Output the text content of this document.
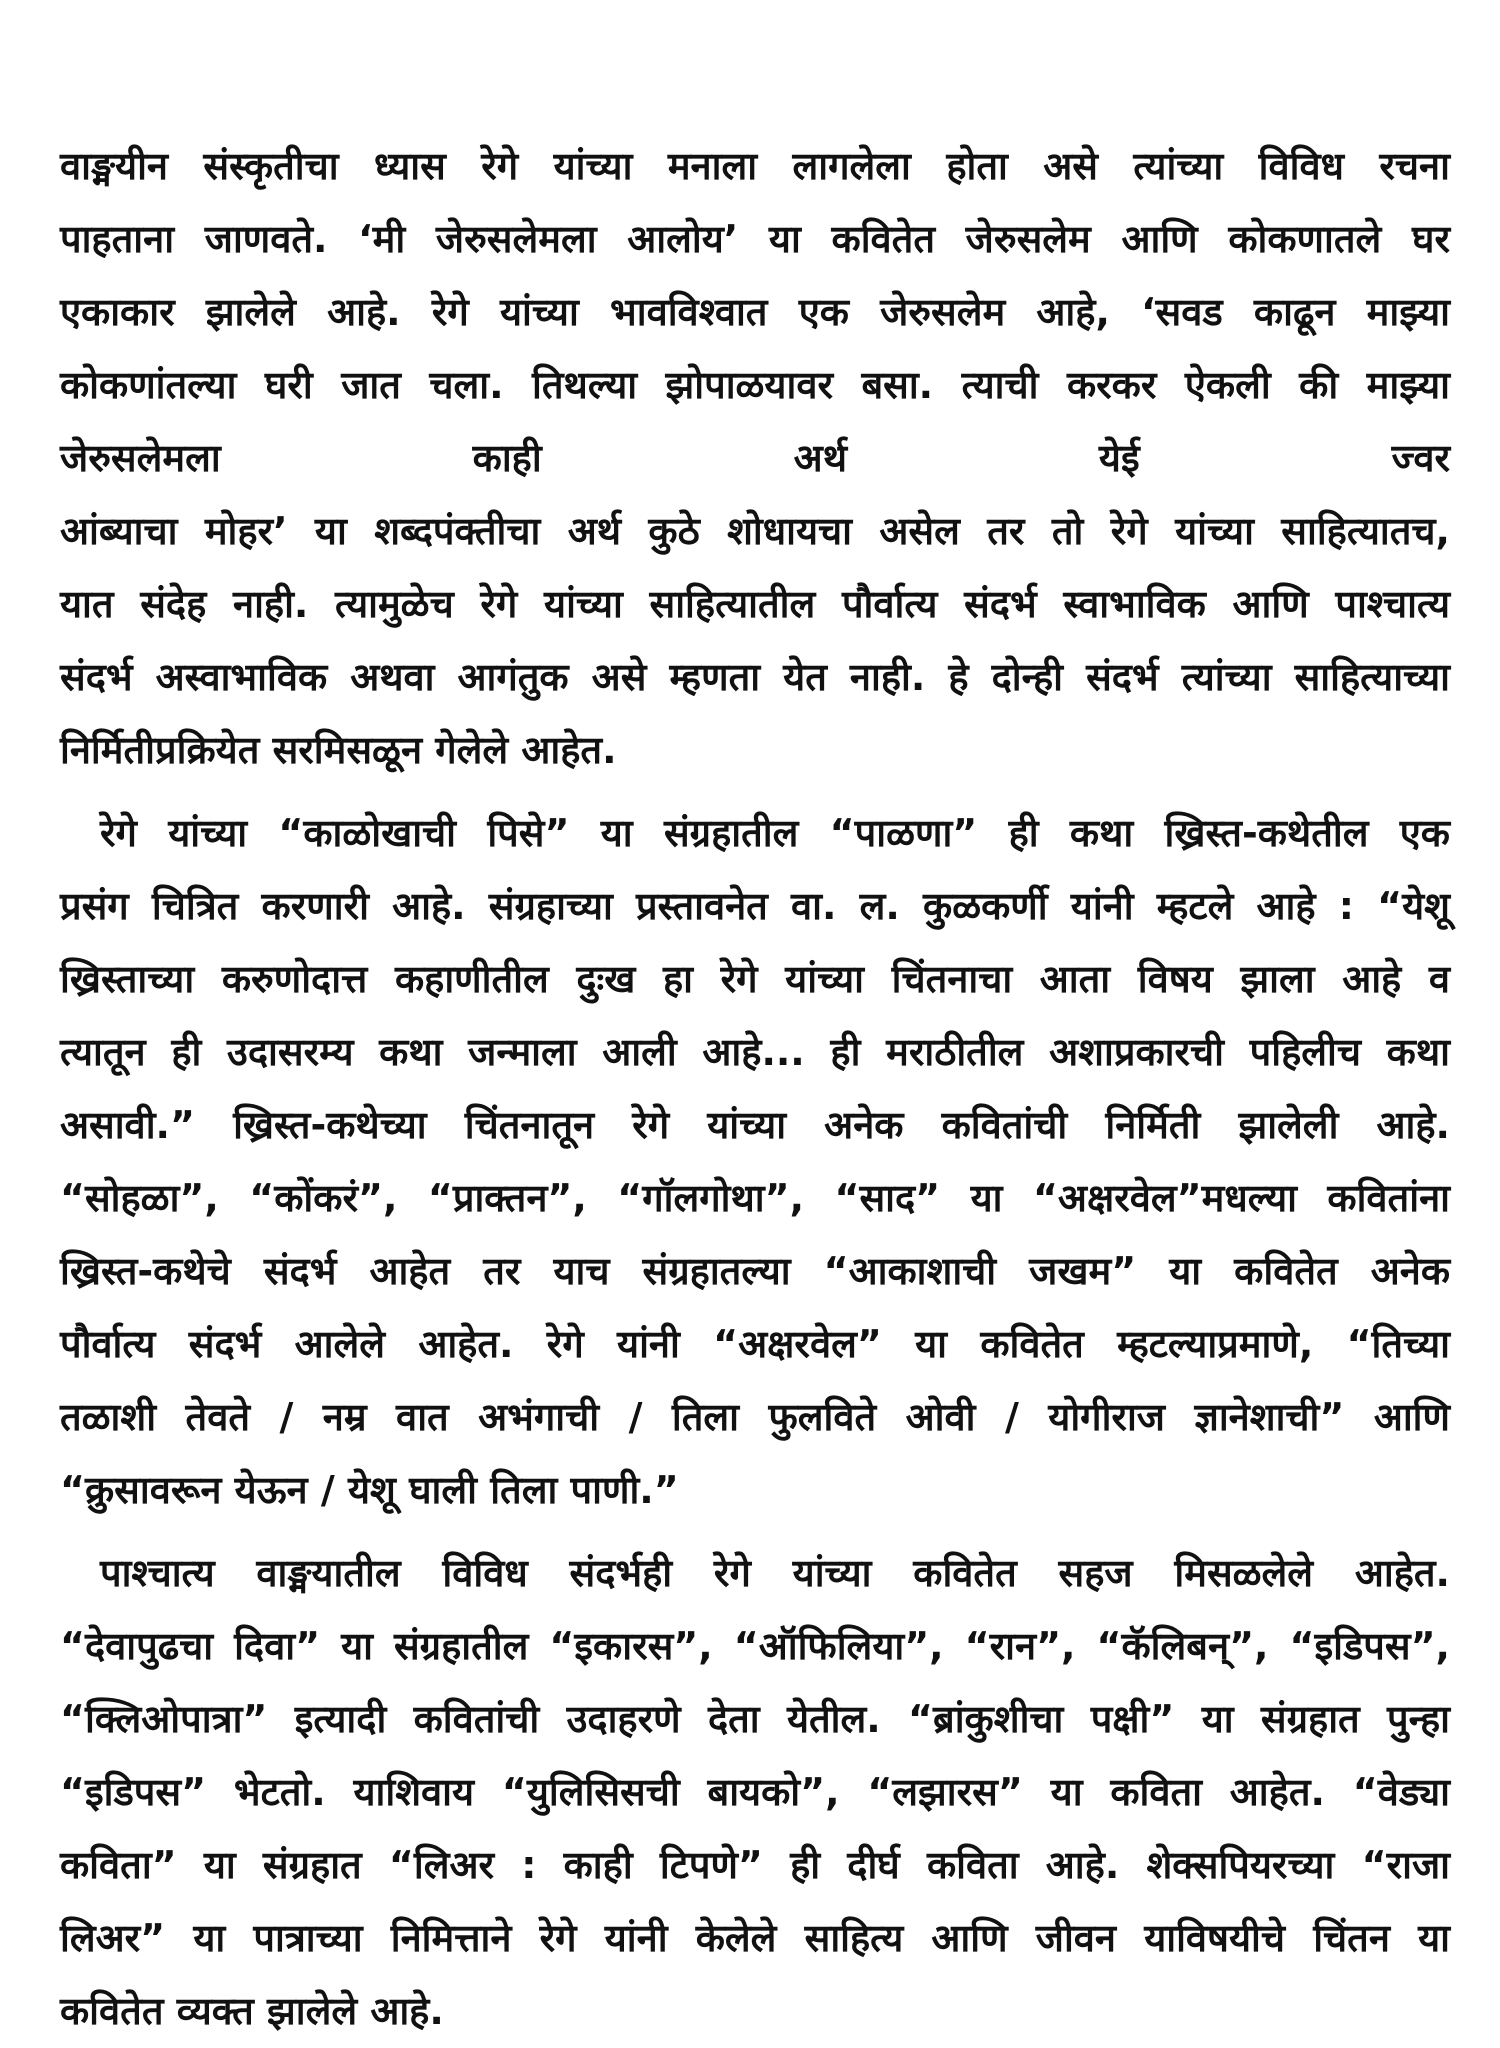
वाङ्मयीन संस्कृतीचा ध्यास रेगे यांच्या मनाला लागलेला होता असे त्यांच्या विविध रचना
पाहताना जाणवते. ‘मी जेरुसलेमला आलोय’ या कवितेत जेरुसलेम आणि कोकणातले घर
एकाकार झालेले आहे. रेगे यांच्या भावविश्वात एक जेरुसलेम आहे, ‘सवड काढून माझ्या
कोकणांतल्या घरी जात चला. तिथल्या झोपाळयावर बसा. त्याची करकर ऐकली की माझ्या
जेरुसलेमला काही अर्थ येई ज्वर
आंब्याचा मोहर’ या शब्दपंक्तीचा अर्थ कुठे शोधायचा असेल तर तो रेगे यांच्या साहित्यातच,
यात संदेह नाही. त्यामुळेच रेगे यांच्या साहित्यातील पौर्वात्य संदर्भ स्वाभाविक आणि पाश्चात्य
संदर्भ अस्वाभाविक अथवा आगंतुक असे म्हणता येत नाही. हे दोन्ही संदर्भ त्यांच्या साहित्याच्या
निर्मितीप्रक्रियेत सरमिसळून गेलेले आहेत.
रेगे यांच्या “काळोखाची पिसे” या संग्रहातील “पाळणा” ही कथा ख्रिस्त-कथेतील एक
प्रसंग चित्रित करणारी आहे. संग्रहाच्या प्रस्तावनेत वा. ल. कुळकर्णी यांनी म्हटले आहे : “येशू
ख्रिस्ताच्या करुणोदात्त कहाणीतील दुःख हा रेगे यांच्या चिंतनाचा आता विषय झाला आहे व
त्यातून ही उदासरम्य कथा जन्माला आली आहे... ही मराठीतील अशाप्रकारची पहिलीच कथा
असावी.” ख्रिस्त-कथेच्या चिंतनातून रेगे यांच्या अनेक कवितांची निर्मिती झालेली आहे.
“सोहळा”, “कोंकरं”, “प्राक्तन”, “गॉलगोथा”, “साद” या “अक्षरवेल”मधल्या कवितांना
ख्रिस्त-कथेचे संदर्भ आहेत तर याच संग्रहातल्या “आकाशाची जखम” या कवितेत अनेक
पौर्वात्य संदर्भ आलेले आहेत. रेगे यांनी “अक्षरवेल” या कवितेत म्हटल्याप्रमाणे, “तिच्या
तळाशी तेवते / नम्र वात अभंगाची / तिला फुलविते ओवी / योगीराज ज्ञानेशाची” आणि
“क्रुसावरून येऊन / येशू घाली तिला पाणी.”
पाश्चात्य वाङ्मयातील विविध संदर्भही रेगे यांच्या कवितेत सहज मिसळलेले आहेत.
“देवापुढचा दिवा” या संग्रहातील “इकारस”, “ऑफिलिया”, “रान”, “कॅलिबन्”, “इडिपस”,
“क्लिओपात्रा” इत्यादी कवितांची उदाहरणे देता येतील. “ब्रांकुशीचा पक्षी” या संग्रहात पुन्हा
“इडिपस” भेटतो. याशिवाय “युलिसिसची बायको”, “लझारस” या कविता आहेत. “वेड्या
कविता” या संग्रहात “लिअर : काही टिपणे” ही दीर्घ कविता आहे. शेक्सपियरच्या “राजा
लिअर” या पात्राच्या निमित्ताने रेगे यांनी केलेले साहित्य आणि जीवन याविषयीचे चिंतन या
कवितेत व्यक्त झालेले आहे.
